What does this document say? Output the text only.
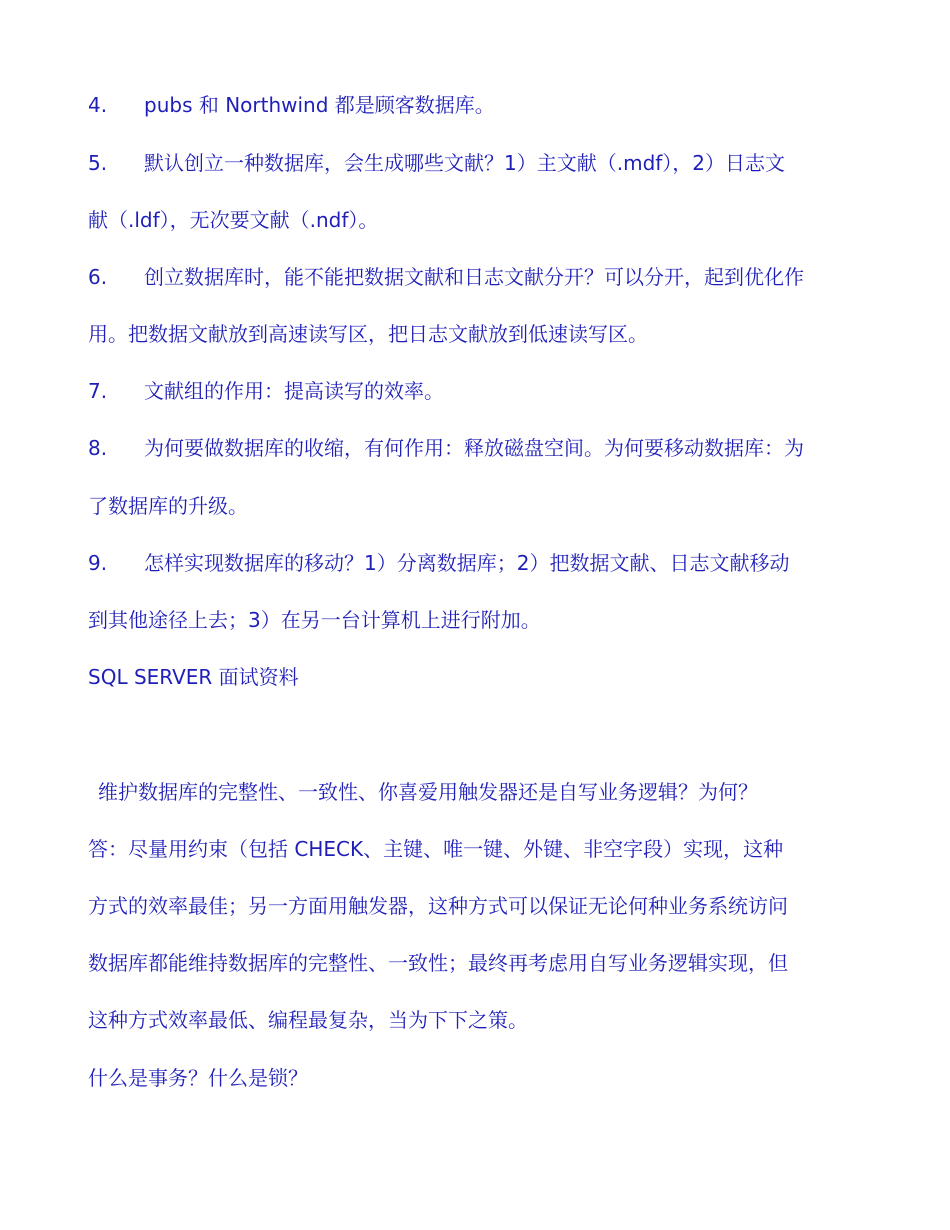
4. pubs 和 Northwind 都是顾客数据库。
5. 默认创立一种数据库，会生成哪些文献？1）主文献（.mdf），2）日志文
献（.ldf），无次要文献（.ndf）。
6. 创立数据库时，能不能把数据文献和日志文献分开？可以分开，起到优化作
用。把数据文献放到高速读写区，把日志文献放到低速读写区。
7. 文献组的作用：提高读写的效率。
8. 为何要做数据库的收缩，有何作用：释放磁盘空间。为何要移动数据库：为
了数据库的升级。
9. 怎样实现数据库的移动？1）分离数据库；2）把数据文献、日志文献移动
到其他途径上去；3）在另一台计算机上进行附加。
SQL SERVER 面试资料
维护数据库的完整性、一致性、你喜爱用触发器还是自写业务逻辑？为何？
答：尽量用约束（包括 CHECK、主键、唯一键、外键、非空字段）实现，这种
方式的效率最佳；另一方面用触发器，这种方式可以保证无论何种业务系统访问
数据库都能维持数据库的完整性、一致性；最终再考虑用自写业务逻辑实现，但
这种方式效率最低、编程最复杂，当为下下之策。
什么是事务？什么是锁？
